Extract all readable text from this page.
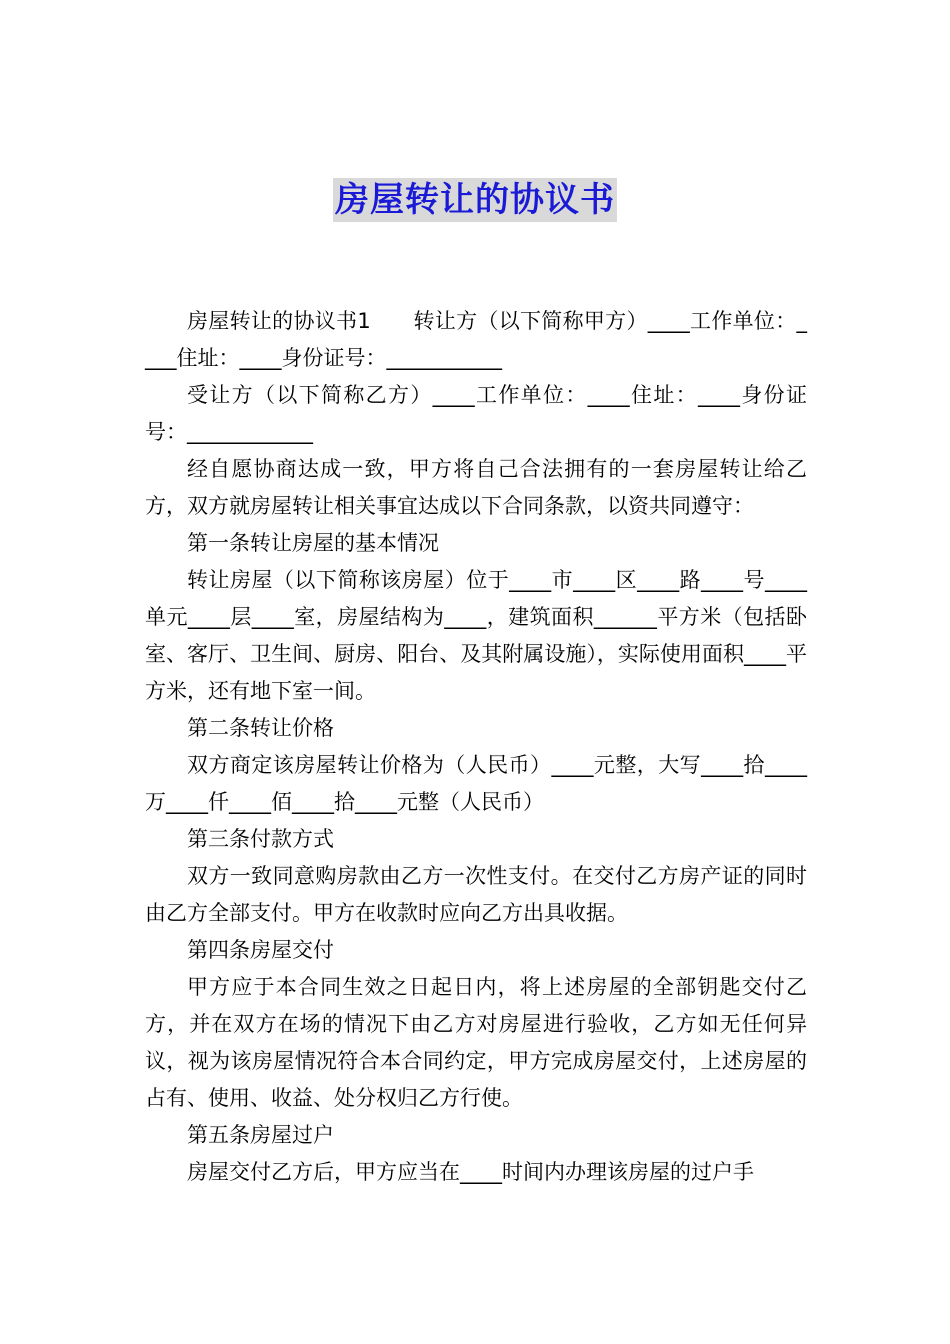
房屋转让的协议书

房屋转让的协议书1　　转让方（以下简称甲方）____工作单位：____住址：____身份证号：___________

受让方（以下简称乙方）____工作单位：____住址：____身份证号：____________

经自愿协商达成一致，甲方将自己合法拥有的一套房屋转让给乙方，双方就房屋转让相关事宜达成以下合同条款，以资共同遵守：

第一条转让房屋的基本情况

转让房屋（以下简称该房屋）位于____市____区____路____号____单元____层____室，房屋结构为____，建筑面积______平方米（包括卧室、客厅、卫生间、厨房、阳台、及其附属设施），实际使用面积____平方米，还有地下室一间。

第二条转让价格

双方商定该房屋转让价格为（人民币）____元整，大写____拾____万____仟____佰____拾____元整（人民币）

第三条付款方式

双方一致同意购房款由乙方一次性支付。在交付乙方房产证的同时由乙方全部支付。甲方在收款时应向乙方出具收据。

第四条房屋交付

甲方应于本合同生效之日起日内，将上述房屋的全部钥匙交付乙方，并在双方在场的情况下由乙方对房屋进行验收，乙方如无任何异议，视为该房屋情况符合本合同约定，甲方完成房屋交付，上述房屋的占有、使用、收益、处分权归乙方行使。

第五条房屋过户

房屋交付乙方后，甲方应当在____时间内办理该房屋的过户手
